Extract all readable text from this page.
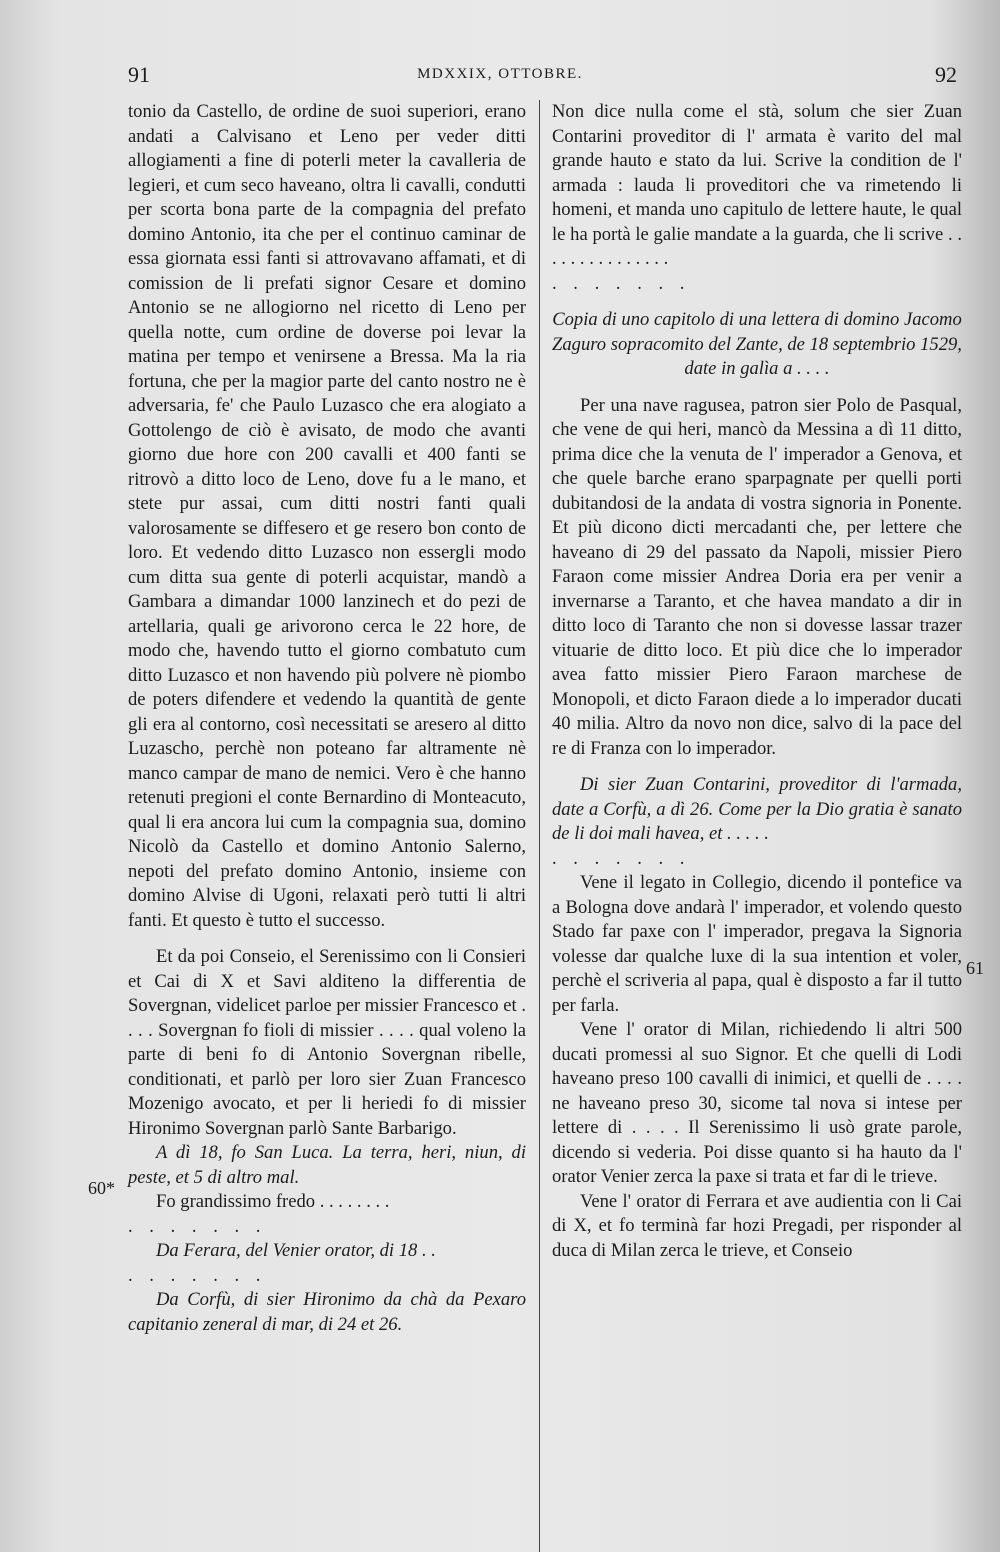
91	MDXXIX, OTTOBRE.	92

tonio da Castello, de ordine de suoi superiori, erano andati a Calvisano et Leno per veder ditti allogiamenti a fine di poterli meter la cavalleria de legieri, et cum seco haveano, oltra li cavalli, condutti per scorta bona parte de la compagnia del prefato domino Antonio, ita che per el continuo caminar de essa giornata essi fanti si attrovavano affamati, et di comission de li prefati signor Cesare et domino Antonio se ne allogiorno nel ricetto di Leno per quella notte, cum ordine de doverse poi levar la matina per tempo et venirsene a Bressa. Ma la ria fortuna, che per la magior parte del canto nostro ne è adversaria, fe' che Paulo Luzasco che era alogiato a Gottolengo de ciò è avisato, de modo che avanti giorno due hore con 200 cavalli et 400 fanti se ritrovò a ditto loco de Leno, dove fu a le mano, et stete pur assai, cum ditti nostri fanti quali valorosamente se diffesero et ge resero bon conto de loro. Et vedendo ditto Luzasco non essergli modo cum ditta sua gente di poterli acquistar, mandò a Gambara a dimandar 1000 lanzinech et do pezi de artellaria, quali ge arivorono cerca le 22 hore, de modo che, havendo tutto el giorno combatuto cum ditto Luzasco et non havendo più polvere nè piombo de poters difendere et vedendo la quantità de gente gli era al contorno, così necessitati se aresero al ditto Luzascho, perchè non poteano far altramente nè manco campar de mano de nemici. Vero è che hanno retenuti pregioni el conte Bernardino di Monteacuto, qual li era ancora lui cum la compagnia sua, domino Nicolò da Castello et domino Antonio Salerno, nepoti del prefato domino Antonio, insieme con domino Alvise di Ugoni, relaxati però tutti li altri fanti. Et questo è tutto el successo.

Et da poi Conseio, el Serenissimo con li Consieri et Cai di X et Savi alditeno la differentia de Sovergnan, videlicet parloe per missier Francesco et . . . . Sovergnan fo fioli di missier . . . . qual voleno la parte di beni fo di Antonio Sovergnan ribelle, conditionati, et parlò per loro sier Zuan Francesco Mozenigo avocato, et per li heriedi fo di missier Hironimo Sovergnan parlò Sante Barbarigo.

A dì 18, fo San Luca. La terra, heri, niun, di peste, et 5 di altro mal.

Fo grandissimo fredo . . . . . . . .

. . . . . . .

Da Ferara, del Venier orator, di 18 . .

. . . . . . .

Da Corfù, di sier Hironimo da chà da Pexaro capitanio zeneral di mar, di 24 et 26.

Non dice nulla come el stà, solum che sier Zuan Contarini proveditor di l' armata è varito del mal grande hauto e stato da lui. Scrive la condition de l' armada : lauda li proveditori che va rimetendo li homeni, et manda uno capitulo de lettere haute, le qual le ha portà le galie mandate a la guarda, che li scrive . . . . . . . . . . . . . . .

. . . . . . .

Copia di uno capitolo di una lettera di domino Jacomo Zaguro sopracomito del Zante, de 18 septembrio 1529, date in galìa a . . . .

Per una nave ragusea, patron sier Polo de Pasqual, che vene de qui heri, mancò da Messina a dì 11 ditto, prima dice che la venuta de l' imperador a Genova, et che quele barche erano sparpagnate per quelli porti dubitandosi de la andata di vostra signoria in Ponente. Et più dicono dicti mercadanti che, per lettere che haveano di 29 del passato da Napoli, missier Piero Faraon come missier Andrea Doria era per venir a invernarse a Taranto, et che havea mandato a dir in ditto loco di Taranto che non si dovesse lassar trazer vituarie de ditto loco. Et più dice che lo imperador avea fatto missier Piero Faraon marchese de Monopoli, et dicto Faraon diede a lo imperador ducati 40 milia. Altro da novo non dice, salvo di la pace del re di Franza con lo imperador.

Di sier Zuan Contarini, proveditor di l'armada, date a Corfù, a dì 26. Come per la Dio gratia è sanato de li doi mali havea, et . . . . .

. . . . . . .

Vene il legato in Collegio, dicendo il pontefice va a Bologna dove andarà l' imperador, et volendo questo Stado far paxe con l' imperador, pregava la Signoria volesse dar qualche luxe di la sua intention et voler, perchè el scriveria al papa, qual è disposto a far il tutto per farla.

Vene l' orator di Milan, richiedendo li altri 500 ducati promessi al suo Signor. Et che quelli di Lodi haveano preso 100 cavalli di inimici, et quelli de . . . . ne haveano preso 30, sicome tal nova si intese per lettere di . . . . Il Serenissimo li usò grate parole, dicendo si vederia. Poi disse quanto si ha hauto da l' orator Venier zerca la paxe si trata et far di le trieve.

Vene l' orator di Ferrara et ave audientia con li Cai di X, et fo terminà far hozi Pregadi, per risponder al duca di Milan zerca le trieve, et Conseio

60*
61
